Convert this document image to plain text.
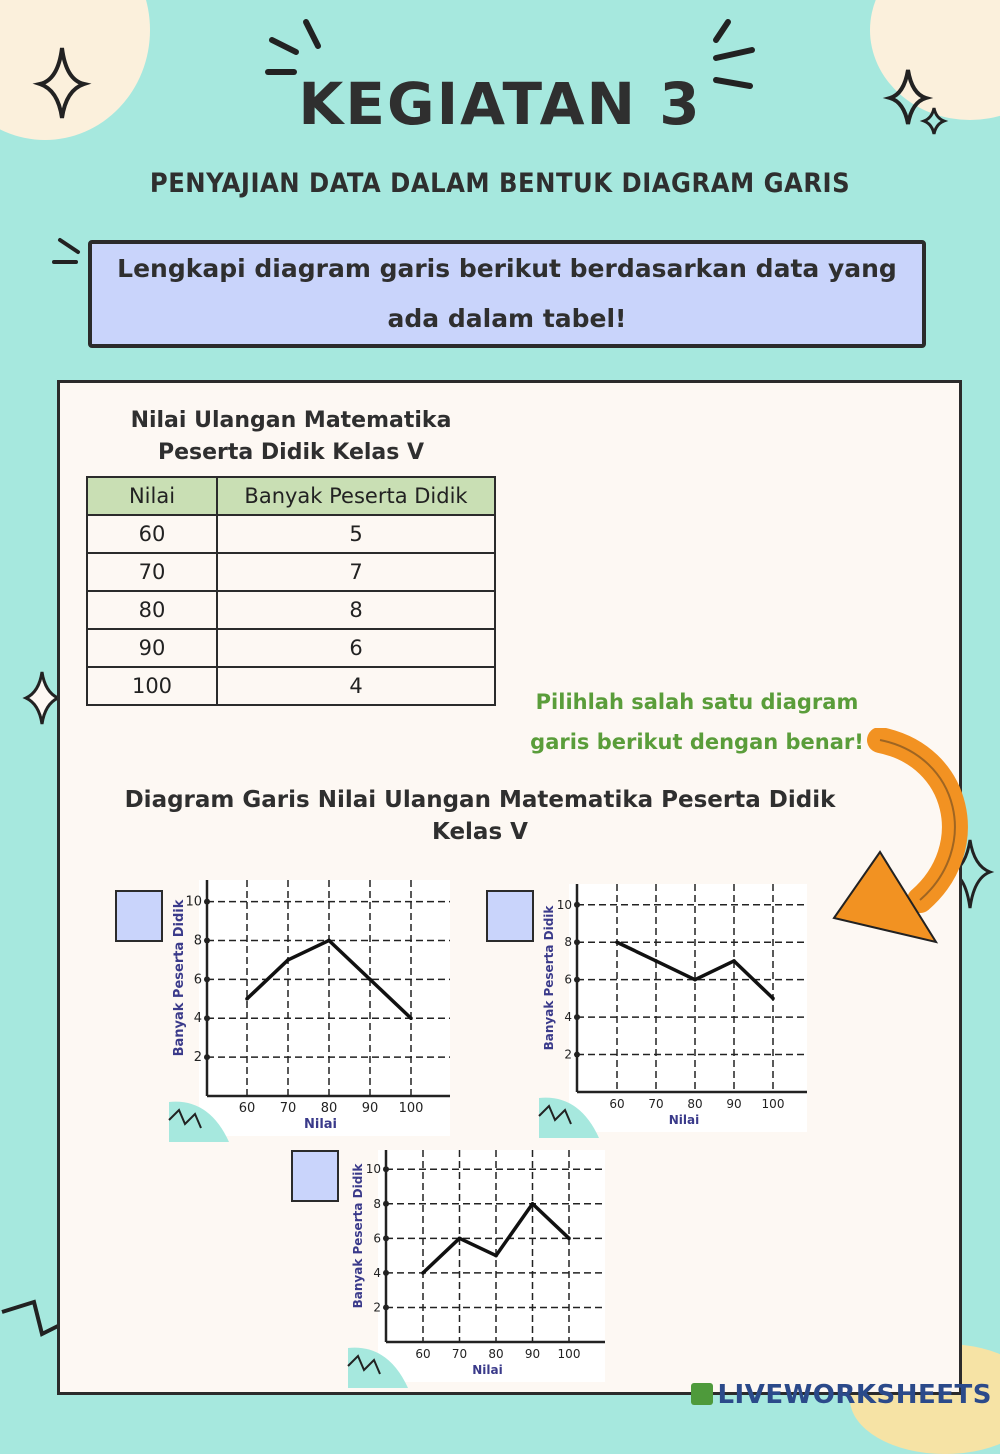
KEGIATAN 3
PENYAJIAN DATA DALAM BENTUK DIAGRAM GARIS
Lengkapi diagram garis berikut berdasarkan data yang ada dalam tabel!
Nilai Ulangan Matematika Peserta Didik Kelas V
Nilai	Banyak Peserta Didik
60	5
70	7
80	8
90	6
100	4
Pilihlah salah satu diagram garis berikut dengan benar!
Diagram Garis Nilai Ulangan Matematika Peserta Didik Kelas V
2
4
6
8
10
60 70 80 90 100
Nilai
Banyak Peserta Didik	2
4
6
8
10
60 70 80 90 100
Nilai
Banyak Peserta Didik
2
4
6
8
10
60 70 80 90 100
Nilai
Banyak Peserta Didik
LIVEWORKSHEETS
